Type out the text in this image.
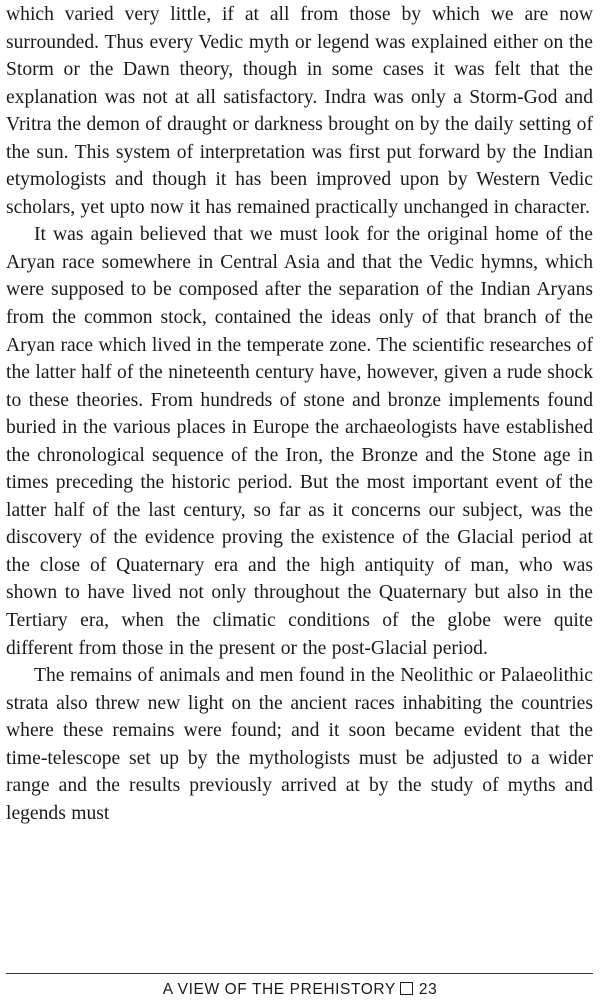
which varied very little, if at all from those by which we are now surrounded. Thus every Vedic myth or legend was explained either on the Storm or the Dawn theory, though in some cases it was felt that the explanation was not at all satisfactory. Indra was only a Storm-God and Vritra the demon of draught or darkness brought on by the daily setting of the sun. This system of interpretation was first put forward by the Indian etymologists and though it has been improved upon by Western Vedic scholars, yet upto now it has remained practically unchanged in character.

It was again believed that we must look for the original home of the Aryan race somewhere in Central Asia and that the Vedic hymns, which were supposed to be composed after the separation of the Indian Aryans from the common stock, contained the ideas only of that branch of the Aryan race which lived in the temperate zone. The scientific researches of the latter half of the nineteenth century have, however, given a rude shock to these theories. From hundreds of stone and bronze implements found buried in the various places in Europe the archaeologists have established the chronological sequence of the Iron, the Bronze and the Stone age in times preceding the historic period. But the most important event of the latter half of the last century, so far as it concerns our subject, was the discovery of the evidence proving the existence of the Glacial period at the close of Quaternary era and the high antiquity of man, who was shown to have lived not only throughout the Quaternary but also in the Tertiary era, when the climatic conditions of the globe were quite different from those in the present or the post-Glacial period.

The remains of animals and men found in the Neolithic or Palaeolithic strata also threw new light on the ancient races inhabiting the countries where these remains were found; and it soon became evident that the time-telescope set up by the mythologists must be adjusted to a wider range and the results previously arrived at by the study of myths and legends must

A VIEW OF THE PREHISTORY 23
